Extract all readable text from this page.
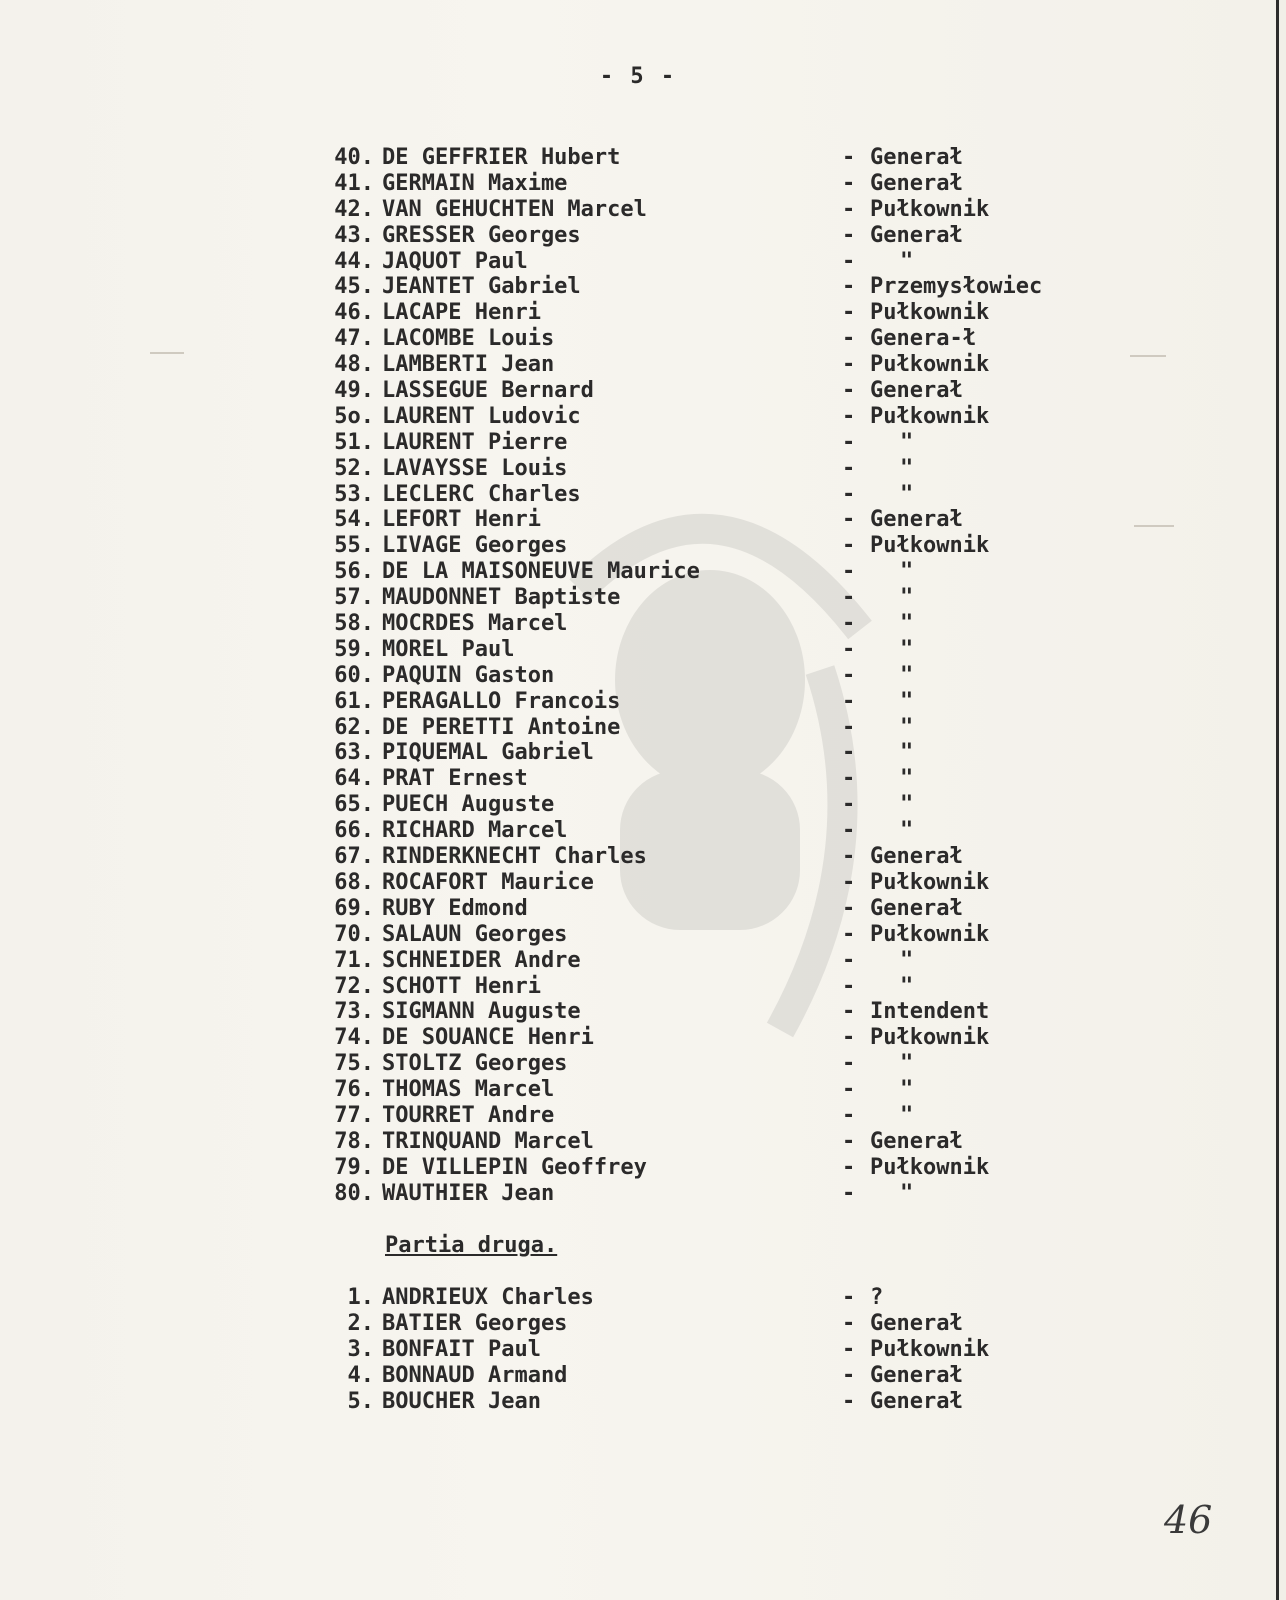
- 5 -
40. DE GEFFRIER Hubert	- Generał
41. GERMAIN Maxime	- Generał
42. VAN GEHUCHTEN Marcel	- Pułkownik
43. GRESSER Georges	- Generał
44. JAQUOT Paul	- "
45. JEANTET Gabriel	- Przemysłowiec
46. LACAPE Henri	- Pułkownik
47. LACOMBE Louis	- Genera-ł
48. LAMBERTI Jean	- Pułkownik
49. LASSEGUE Bernard	- Generał
5o. LAURENT Ludovic	- Pułkownik
51. LAURENT Pierre	- "
52. LAVAYSSE Louis	- "
53. LECLERC Charles	- "
54. LEFORT Henri	- Generał
55. LIVAGE Georges	- Pułkownik
56. DE LA MAISONEUVE Maurice	- "
57. MAUDONNET Baptiste	- "
58. MOCRDES Marcel	- "
59. MOREL Paul	- "
60. PAQUIN Gaston	- "
61. PERAGALLO Francois	- "
62. DE PERETTI Antoine	- "
63. PIQUEMAL Gabriel	- "
64. PRAT Ernest	- "
65. PUECH Auguste	- "
66. RICHARD Marcel	- "
67. RINDERKNECHT Charles	- Generał
68. ROCAFORT Maurice	- Pułkownik
69. RUBY Edmond	- Generał
70. SALAUN Georges	- Pułkownik
71. SCHNEIDER Andre	- "
72. SCHOTT Henri	- "
73. SIGMANN Auguste	- Intendent
74. DE SOUANCE Henri	- Pułkownik
75. STOLTZ Georges	- "
76. THOMAS Marcel	- "
77. TOURRET Andre	- "
78. TRINQUAND Marcel	- Generał
79. DE VILLEPIN Geoffrey	- Pułkownik
80. WAUTHIER Jean	- "
Partia druga.
1. ANDRIEUX Charles	- ?
2. BATIER Georges	- Generał
3. BONFAIT Paul	- Pułkownik
4. BONNAUD Armand	- Generał
5. BOUCHER Jean	- Generał
46
